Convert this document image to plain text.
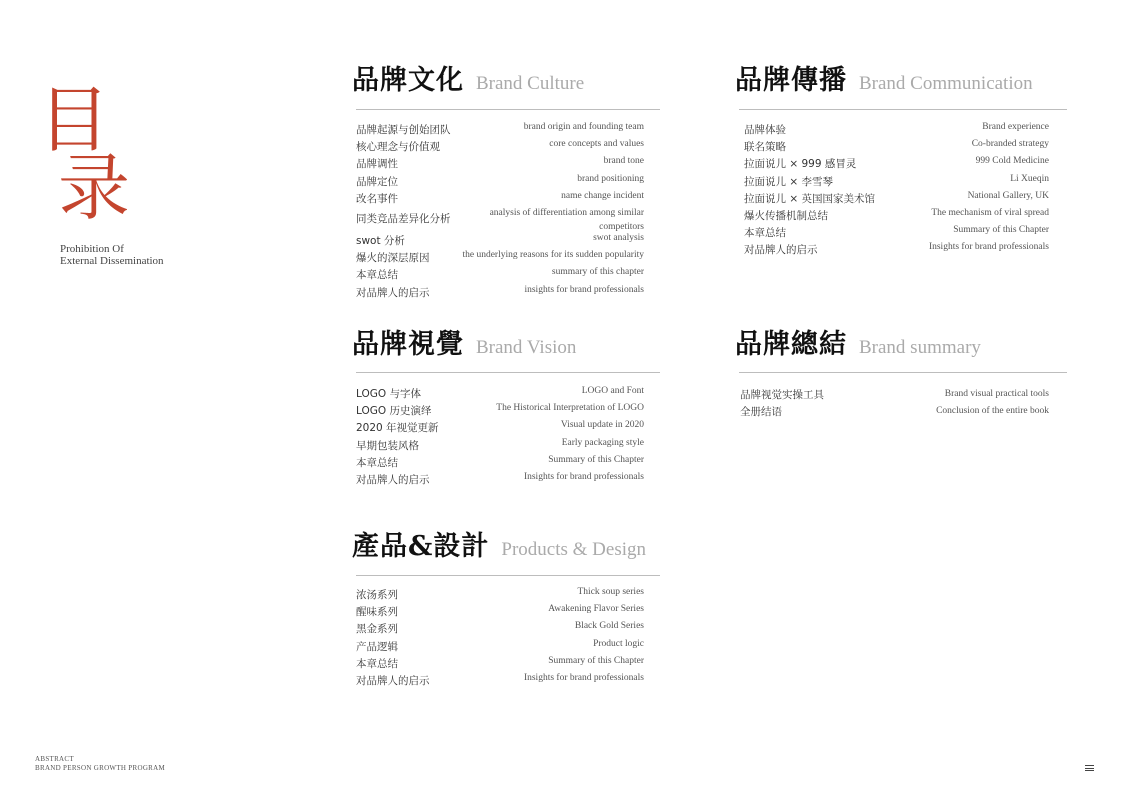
目
录
Prohibition Of
External Dissemination
品牌文化 Brand Culture
品牌起源与创始团队	brand origin and founding team
核心理念与价值观	core concepts and values
品牌调性	brand tone
品牌定位	brand positioning
改名事件	name change incident
同类竞品差异化分析	analysis of differentiation among similar
competitors
swot 分析	swot analysis
爆火的深层原因	the underlying reasons for its sudden popularity
本章总结	summary of this chapter
对品牌人的启示	insights for brand professionals
品牌傳播 Brand Communication
品牌体验	Brand experience
联名策略	Co-branded strategy
拉面说儿 × 999 感冒灵	999 Cold Medicine
拉面说儿 × 李雪琴	Li Xueqin
拉面说儿 × 英国国家美术馆	National Gallery, UK
爆火传播机制总结	The mechanism of viral spread
本章总结	Summary of this Chapter
对品牌人的启示	Insights for brand professionals
品牌視覺 Brand Vision
LOGO 与字体	LOGO and Font
LOGO 历史演绎	The Historical Interpretation of LOGO
2020 年视觉更新	Visual update in 2020
早期包装风格	Early packaging style
本章总结	Summary of this Chapter
对品牌人的启示	Insights for brand professionals
品牌總結 Brand summary
品牌视觉实操工具	Brand visual practical tools
全册结语	Conclusion of the entire book
產品&設計 Products & Design
浓汤系列	Thick soup series
醒味系列	Awakening Flavor Series
黑金系列	Black Gold Series
产品逻辑	Product logic
本章总结	Summary of this Chapter
对品牌人的启示	Insights for brand professionals
ABSTRACT
BRAND PERSON GROWTH PROGRAM
